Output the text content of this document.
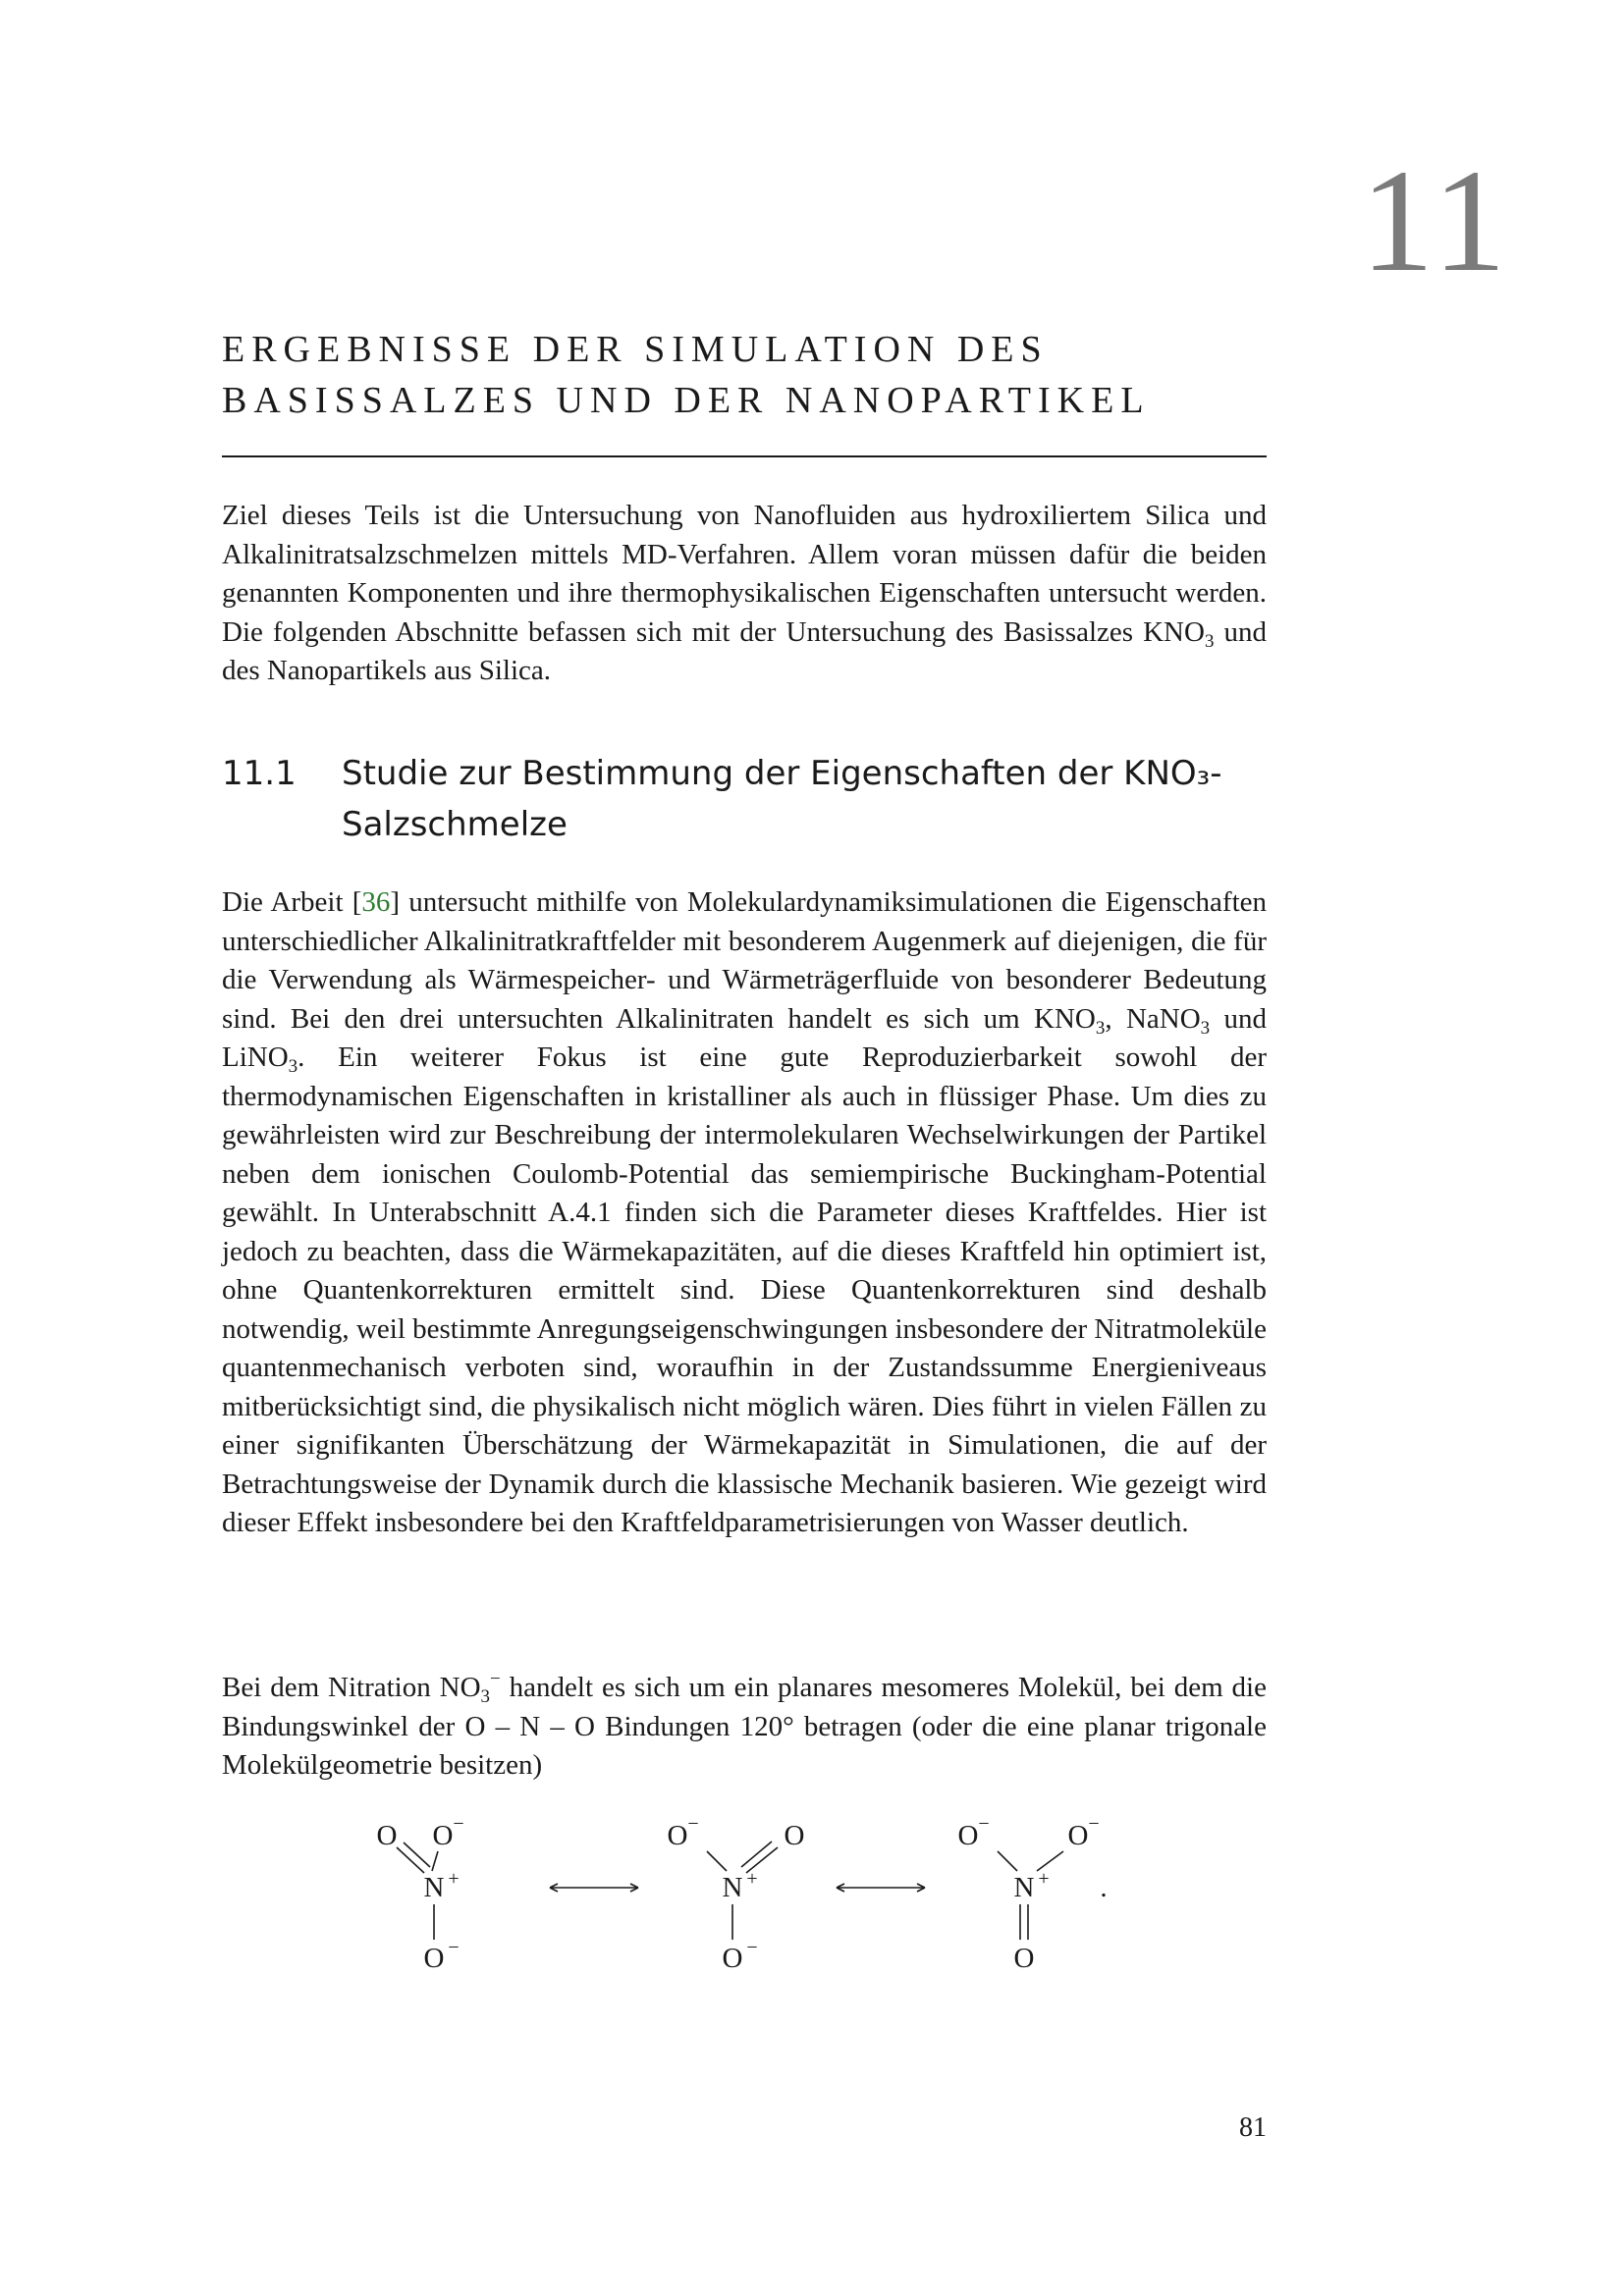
11
ERGEBNISSE DER SIMULATION DES
BASISSALZES UND DER NANOPARTIKEL

Ziel dieses Teils ist die Untersuchung von Nanofluiden aus hydroxiliertem Silica und Alkalinitratsalzschmelzen mittels MD-Verfahren. Allem voran müssen dafür die beiden genannten Komponenten und ihre thermophysikalischen Eigenschaften untersucht werden. Die folgenden Abschnitte befassen sich mit der Untersuchung des Basissalzes $KNO_3$ und des Nanopartikels aus Silica.

11.1 Studie zur Bestimmung der Eigenschaften der KNO₃-
Salzschmelze

Die Arbeit [36] untersucht mithilfe von Molekulardynamiksimulationen die Eigenschaften unterschiedlicher Alkalinitratkraftfelder mit besonderem Augenmerk auf diejenigen, die für die Verwendung als Wärmespeicher- und Wärmeträgerfluide von besonderer Bedeutung sind. Bei den drei untersuchten Alkalinitraten handelt es sich um $KNO_3$, NaNO$_3$ und LiNO$_3$. Ein weiterer Fokus ist eine gute Reproduzierbarkeit sowohl der thermodynamischen Eigenschaften in kristalliner als auch in flüssiger Phase. Um dies zu gewährleisten wird zur Beschreibung der intermolekularen Wechselwirkungen der Partikel neben dem ionischen Coulomb-Potential das semiempirische Buckingham-Potential gewählt. In Unterabschnitt A.4.1 finden sich die Parameter dieses Kraftfeldes. Hier ist jedoch zu beachten, dass die Wärmekapazitäten, auf die dieses Kraftfeld hin optimiert ist, ohne Quantenkorrekturen ermittelt sind. Diese Quantenkorrekturen sind deshalb notwendig, weil bestimmte Anregungseigenschwingungen insbesondere der Nitratmoleküle quantenmechanisch verboten sind, woraufhin in der Zustandssumme Energieniveaus mitberücksichtigt sind, die physikalisch nicht möglich wären. Dies führt in vielen Fällen zu einer signifikanten Überschätzung der Wärmekapazität in Simulationen, die auf der Betrachtungsweise der Dynamik durch die klassische Mechanik basieren. Wie gezeigt wird dieser Effekt insbesondere bei den Kraftfeldparametrisierungen von Wasser deutlich.

Bei dem Nitration $NO_3^-$ handelt es sich um ein planares mesomeres Molekül, bei dem die Bindungswinkel der O – N – O Bindungen 120° betragen (oder die eine planar trigonale Molekülgeometrie besitzen)

O O −
N +
O −
O −	O
N +
O −
O −	O −
N +
O
.
81
